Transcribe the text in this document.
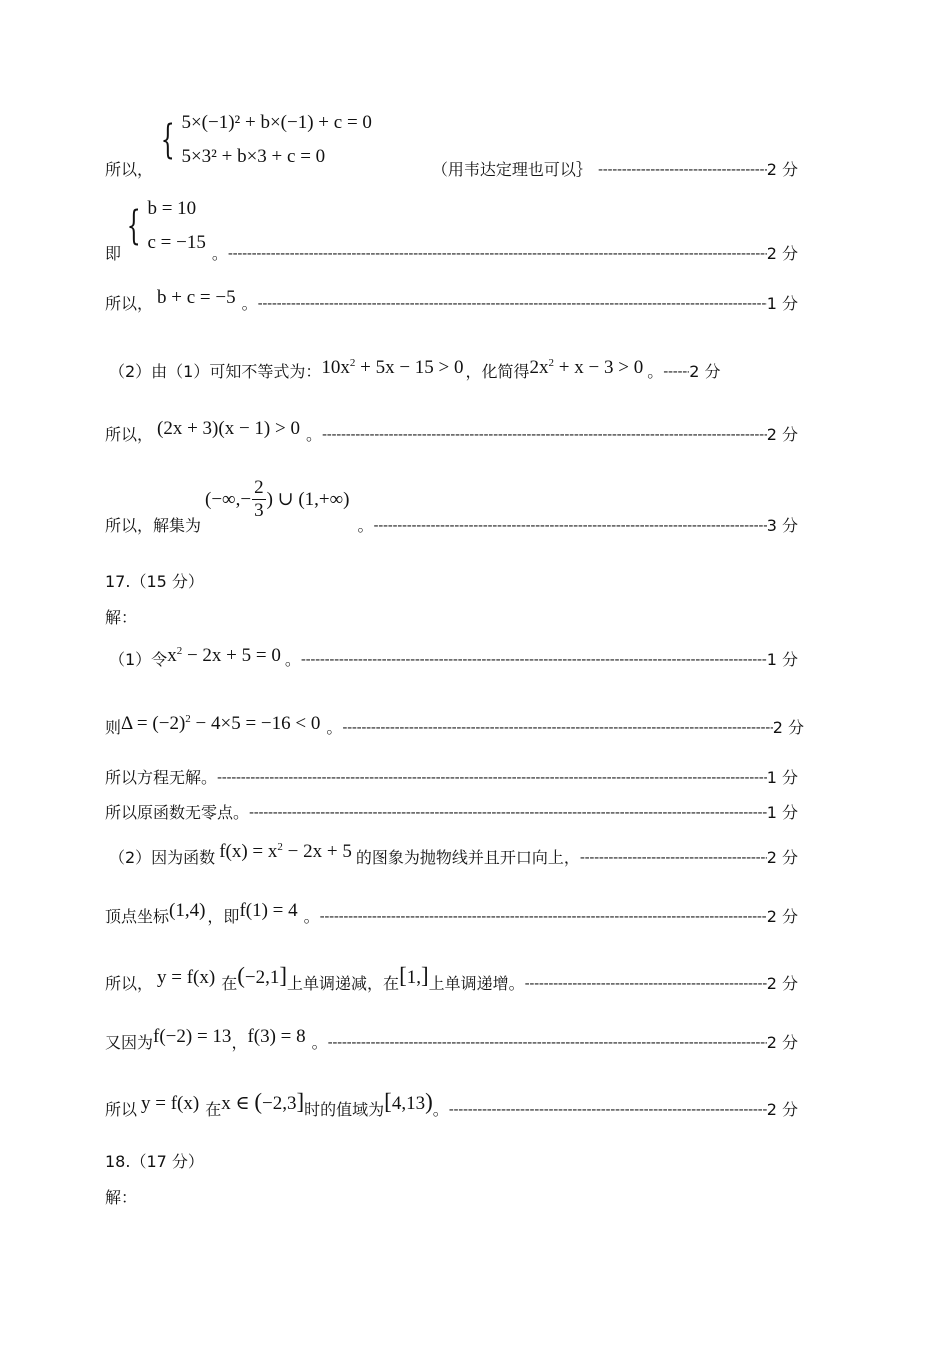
所以，
{ 5×(−1)² + b×(−1) + c = 0
5×3² + b×3 + c = 0
（用韦达定理也可以｝ -----	2 分
即
{ b = 10
c = −15
。 -----	2 分
所以， b + c = −5 。 -----	1 分
（2）由（1）可知不等式为： $10x^2 + 5x - 15 > 0$ ，化简得 $2x^2 + x - 3 > 0$ 。 ----- 2 分
所以， (2x + 3)(x − 1) > 0 。 -----	2 分
所以，解集为
(−∞,− $\frac{2}{3}$ ) ∪ (1,+∞)
。 -----	3 分
17.（15 分）
解：
（1）令 $x^2 - 2x + 5 = 0$ 。 -----	1 分
则 $\Delta = (-2)^2 - 4\times 5 = -16 < 0$ 。 -----	2 分
所以方程无解。 -----	1 分
所以原函数无零点。 -----	1 分
（2）因为函数 $f(x) = x^2 - 2x + 5$ 的图象为抛物线并且开口向上， -----	2 分
顶点坐标 (1,4) ，即 f(1) = 4 。 -----	2 分
所以， y = f(x) 在 (−2,1] 上单调递减，在 [1,] 上单调递增。 -----	2 分
又因为 f(−2) = 13 ， f(3) = 8 。 -----	2 分
所以 y = f(x) 在 x ∈ (−2,3] 时的值域为 [4,13) 。 -----	2 分
18.（17 分）
解：
